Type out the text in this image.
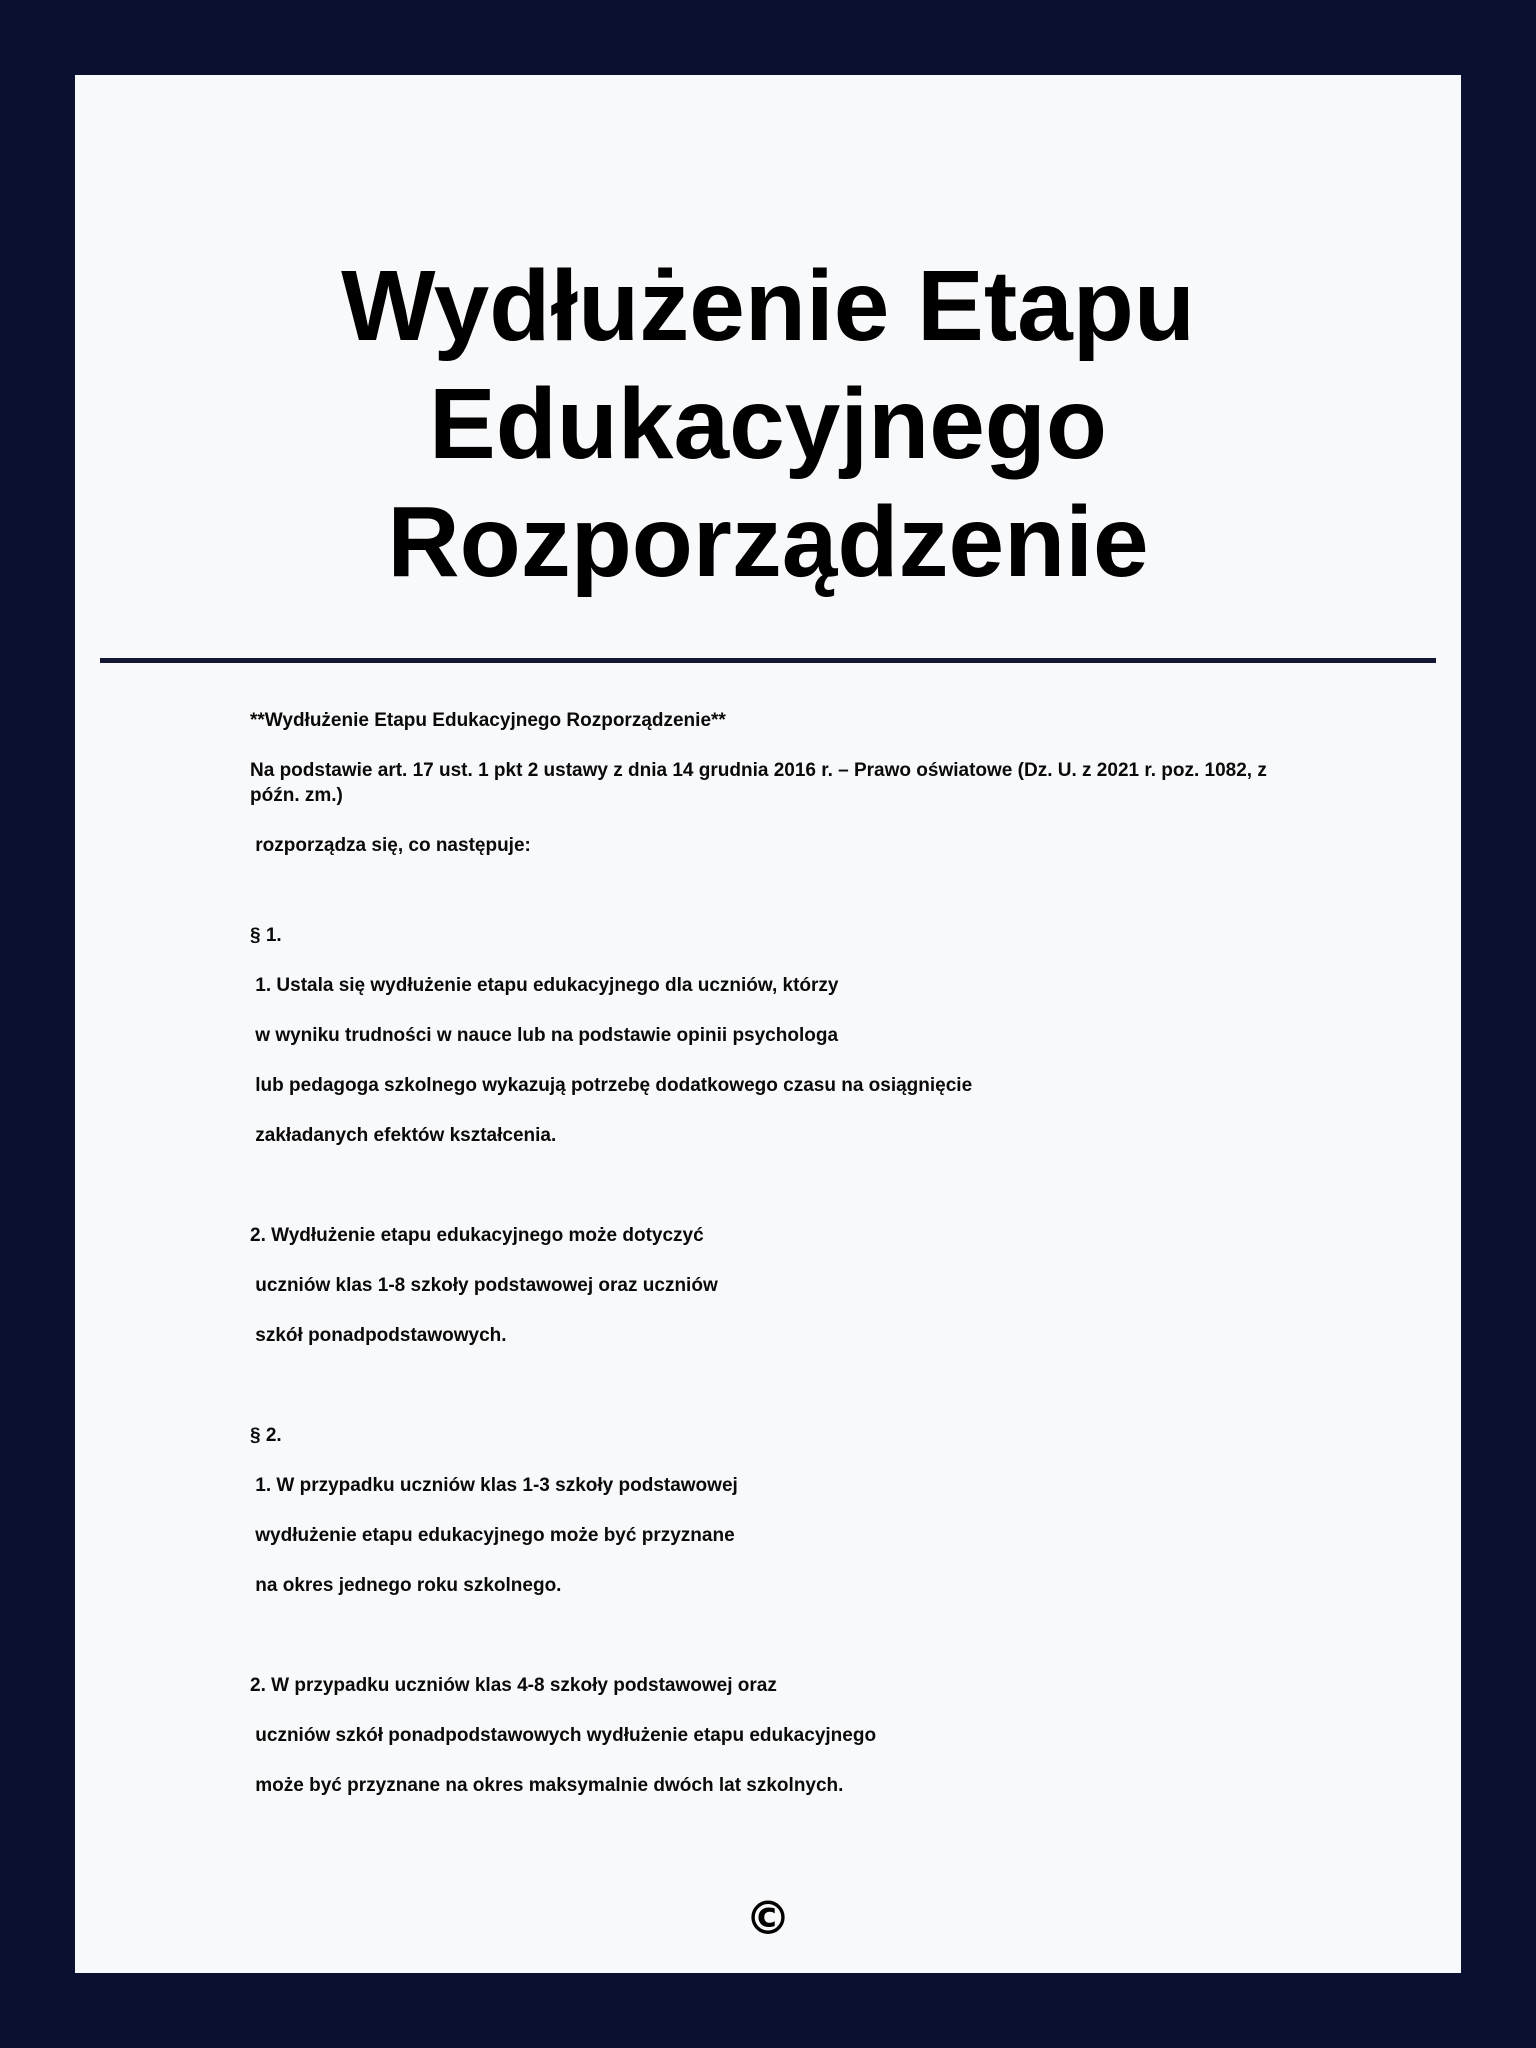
Wydłużenie Etapu
Edukacyjnego
Rozporządzenie

**Wydłużenie Etapu Edukacyjnego Rozporządzenie**

Na podstawie art. 17 ust. 1 pkt 2 ustawy z dnia 14 grudnia 2016 r. – Prawo oświatowe (Dz. U. z 2021 r. poz. 1082, z późn. zm.)

rozporządza się, co następuje:

§ 1.

1. Ustala się wydłużenie etapu edukacyjnego dla uczniów, którzy

w wyniku trudności w nauce lub na podstawie opinii psychologa

lub pedagoga szkolnego wykazują potrzebę dodatkowego czasu na osiągnięcie

zakładanych efektów kształcenia.

2. Wydłużenie etapu edukacyjnego może dotyczyć

uczniów klas 1-8 szkoły podstawowej oraz uczniów

szkół ponadpodstawowych.

§ 2.

1. W przypadku uczniów klas 1-3 szkoły podstawowej

wydłużenie etapu edukacyjnego może być przyznane

na okres jednego roku szkolnego.

2. W przypadku uczniów klas 4-8 szkoły podstawowej oraz

uczniów szkół ponadpodstawowych wydłużenie etapu edukacyjnego

może być przyznane na okres maksymalnie dwóch lat szkolnych.

©
